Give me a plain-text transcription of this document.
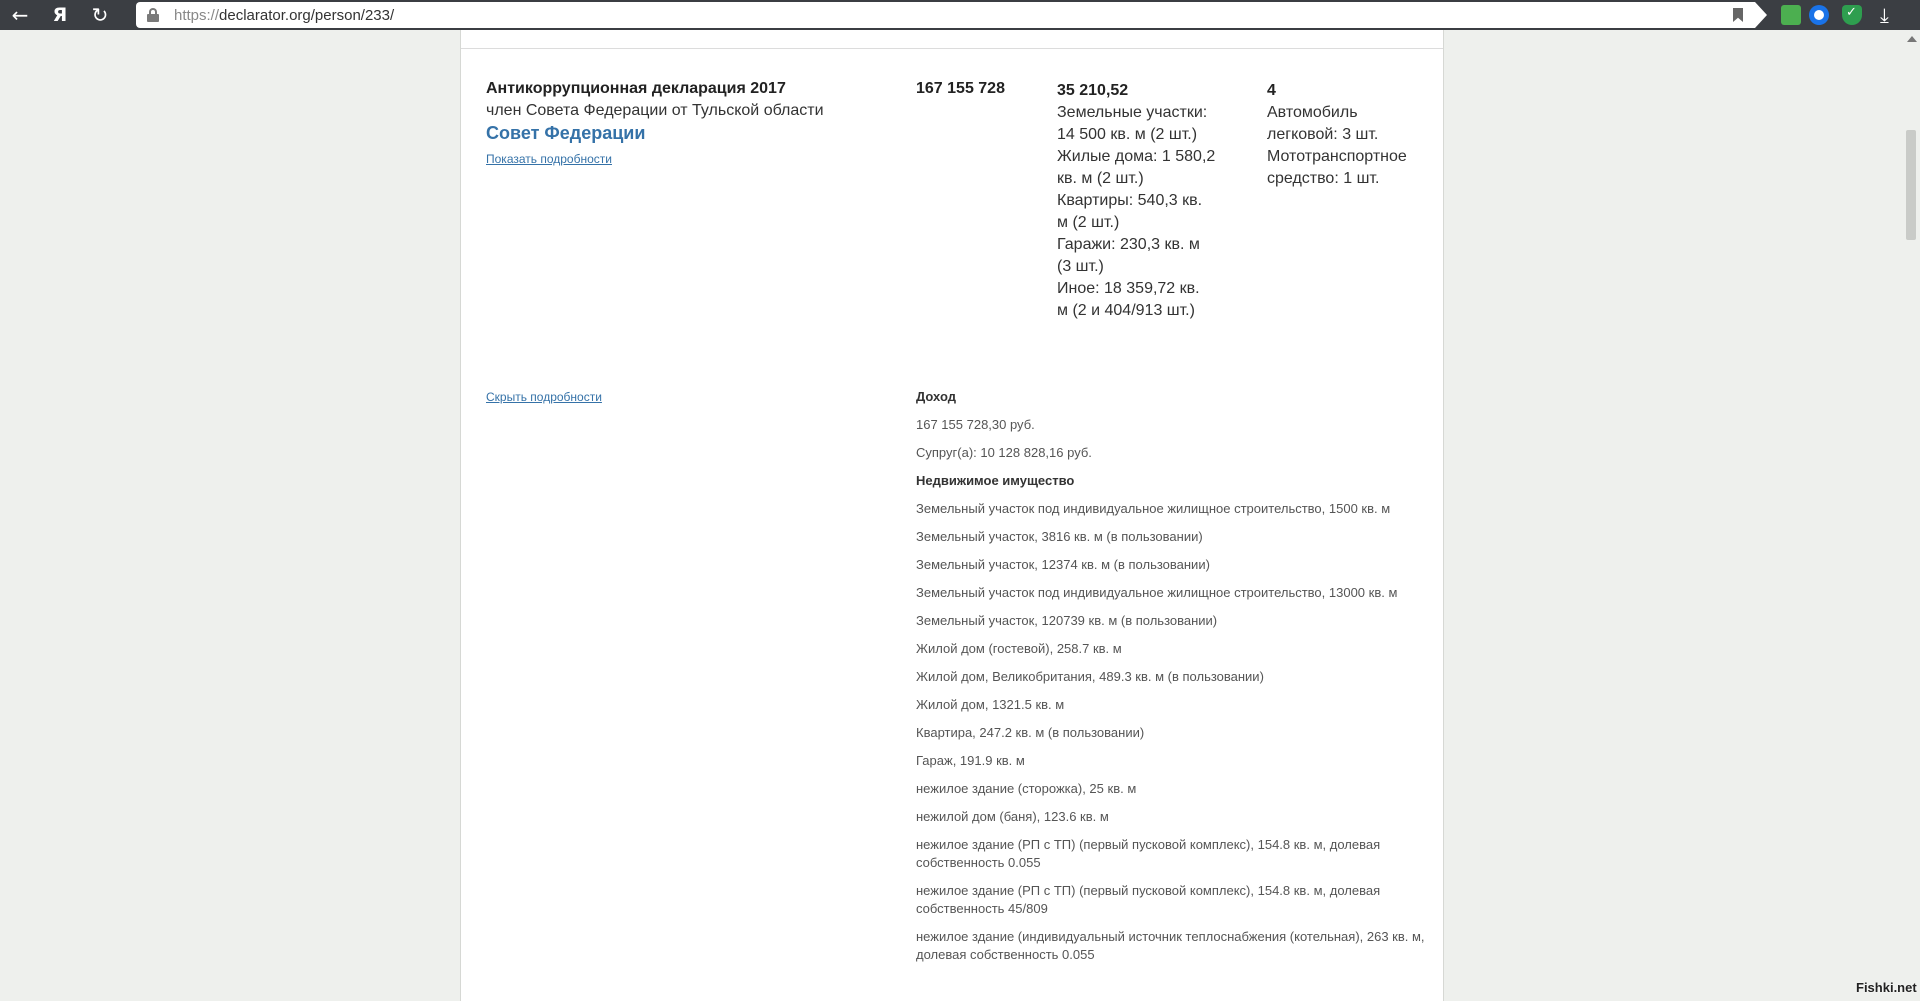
← Я ↻	https://declarator.org/person/233/
✓	⤓
Антикоррупционная декларация 2017
член Совета Федерации от Тульской области
Совет Федерации
Показать подробности
167 155 728	35 210,52
Земельные участки:
14 500 кв. м (2 шт.)
Жилые дома: 1 580,2
кв. м (2 шт.)
Квартиры: 540,3 кв.
м (2 шт.)
Гаражи: 230,3 кв. м
(3 шт.)
Иное: 18 359,72 кв.
м (2 и 404/913 шт.)
4
Автомобиль
легковой: 3 шт.
Мототранспортное
средство: 1 шт.
Скрыть подробности	Доход
167 155 728,30 руб.
Супруг(а): 10 128 828,16 руб.
Недвижимое имущество
Земельный участок под индивидуальное жилищное строительство, 1500 кв. м
Земельный участок, 3816 кв. м (в пользовании)
Земельный участок, 12374 кв. м (в пользовании)
Земельный участок под индивидуальное жилищное строительство, 13000 кв. м
Земельный участок, 120739 кв. м (в пользовании)
Жилой дом (гостевой), 258.7 кв. м
Жилой дом, Великобритания, 489.3 кв. м (в пользовании)
Жилой дом, 1321.5 кв. м
Квартира, 247.2 кв. м (в пользовании)
Гараж, 191.9 кв. м
нежилое здание (сторожка), 25 кв. м
нежилой дом (баня), 123.6 кв. м
нежилое здание (РП с ТП) (первый пусковой комплекс), 154.8 кв. м, долевая собственность 0.055
нежилое здание (РП с ТП) (первый пусковой комплекс), 154.8 кв. м, долевая собственность 45/809
нежилое здание (индивидуальный источник теплоснабжения (котельная), 263 кв. м, долевая собственность 0.055
Fishki.net
